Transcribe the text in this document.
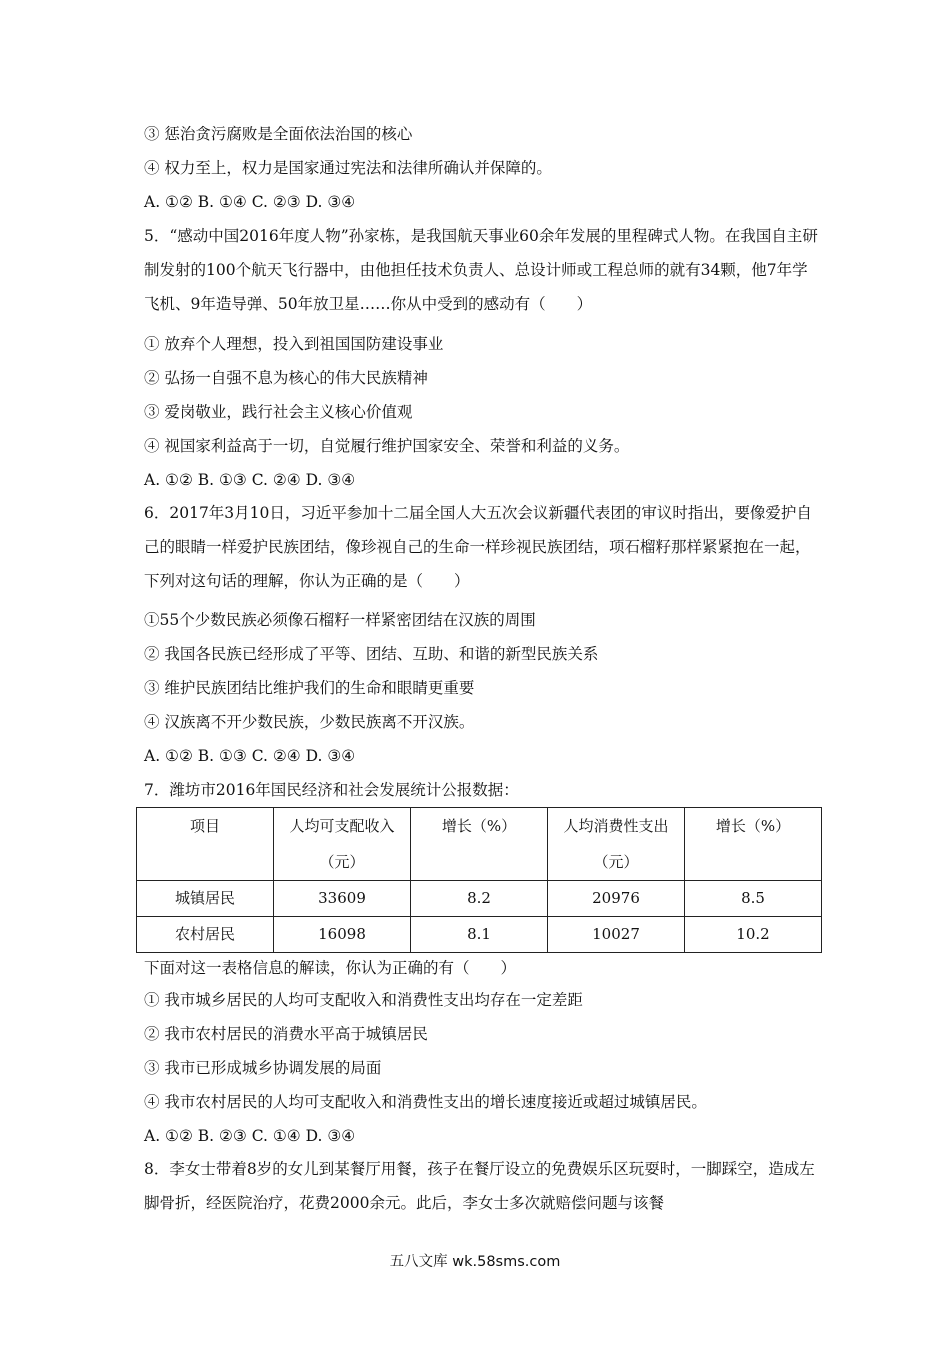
③ 惩治贪污腐败是全面依法治国的核心
④ 权力至上，权力是国家通过宪法和法律所确认并保障的。
A. ①② B. ①④ C. ②③ D. ③④
5．“感动中国2016年度人物”孙家栋，是我国航天事业60余年发展的里程碑式人物。在我国自主研制发射的100个航天飞行器中，由他担任技术负责人、总设计师或工程总师的就有34颗，他7年学飞机、9年造导弹、50年放卫星……你从中受到的感动有（　　）
① 放弃个人理想，投入到祖国国防建设事业
② 弘扬一自强不息为核心的伟大民族精神
③ 爱岗敬业，践行社会主义核心价值观
④ 视国家利益高于一切，自觉履行维护国家安全、荣誉和利益的义务。
A. ①② B. ①③ C. ②④ D. ③④
6．2017年3月10日，习近平参加十二届全国人大五次会议新疆代表团的审议时指出，要像爱护自己的眼睛一样爱护民族团结，像珍视自己的生命一样珍视民族团结，项石榴籽那样紧紧抱在一起，下列对这句话的理解，你认为正确的是（　　）
①55个少数民族必须像石榴籽一样紧密团结在汉族的周围
② 我国各民族已经形成了平等、团结、互助、和谐的新型民族关系
③ 维护民族团结比维护我们的生命和眼睛更重要
④ 汉族离不开少数民族，少数民族离不开汉族。
A. ①② B. ①③ C. ②④ D. ③④
7．潍坊市2016年国民经济和社会发展统计公报数据：
项目	人均可支配收入（元）	增长（%）	人均消费性支出（元）	增长（%）
城镇居民	33609	8.2	20976	8.5
农村居民	16098	8.1	10027	10.2
下面对这一表格信息的解读，你认为正确的有（　　）
① 我市城乡居民的人均可支配收入和消费性支出均存在一定差距
② 我市农村居民的消费水平高于城镇居民
③ 我市已形成城乡协调发展的局面
④ 我市农村居民的人均可支配收入和消费性支出的增长速度接近或超过城镇居民。
A. ①② B. ②③ C. ①④ D. ③④
8．李女士带着8岁的女儿到某餐厅用餐，孩子在餐厅设立的免费娱乐区玩耍时，一脚踩空，造成左脚骨折，经医院治疗，花费2000余元。此后，李女士多次就赔偿问题与该餐
五八文库 wk.58sms.com
